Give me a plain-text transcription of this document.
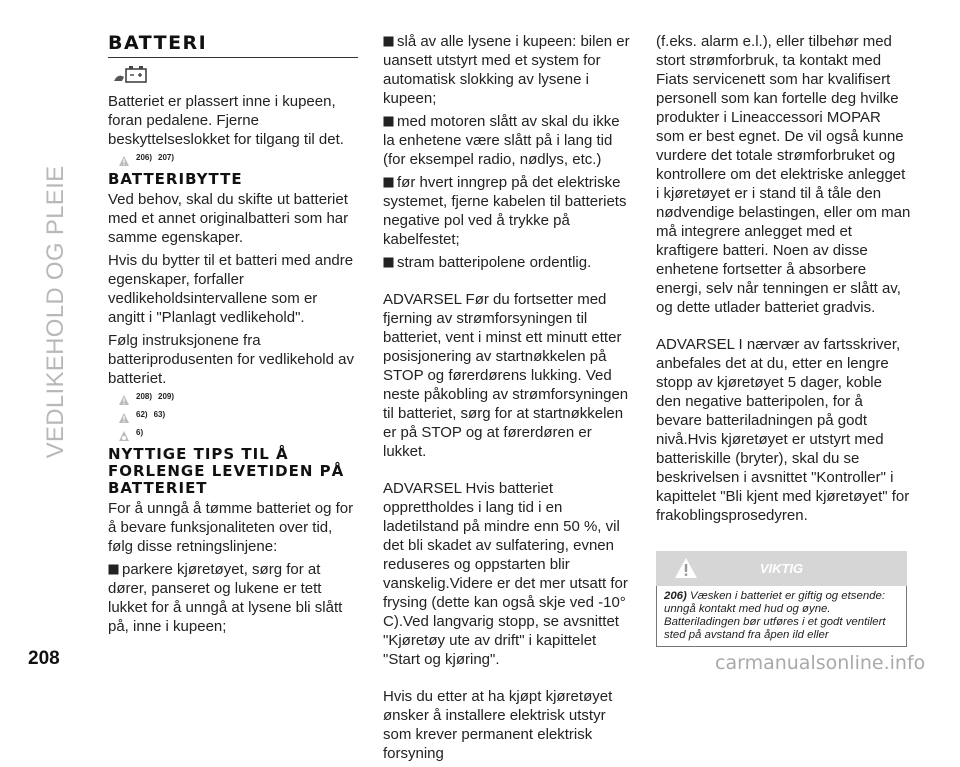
VEDLIKEHOLD OG PLEIE
BATTERI

Batteriet er plassert inne i kupeen, foran pedalene. Fjerne beskyttelseslokket for tilgang til det.

206) 207)
BATTERIBYTTE

Ved behov, skal du skifte ut batteriet med et annet originalbatteri som har samme egenskaper.

Hvis du bytter til et batteri med andre egenskaper, forfaller vedlikeholdsintervallene som er angitt i "Planlagt vedlikehold".

Følg instruksjonene fra batteriprodusenten for vedlikehold av batteriet.

208) 209)
62) 63)
6)
NYTTIGE TIPS TIL Å FORLENGE LEVETIDEN PÅ BATTERIET

For å unngå å tømme batteriet og for å bevare funksjonaliteten over tid, følg disse retningslinjene:

parkere kjøretøyet, sørg for at dører, panseret og lukene er tett lukket for å unngå at lysene bli slått på, inne i kupeen;

slå av alle lysene i kupeen: bilen er uansett utstyrt med et system for automatisk slokking av lysene i kupeen;

med motoren slått av skal du ikke la enhetene være slått på i lang tid (for eksempel radio, nødlys, etc.)

før hvert inngrep på det elektriske systemet, fjerne kabelen til batteriets negative pol ved å trykke på kabelfestet;

stram batteripolene ordentlig.

ADVARSEL Før du fortsetter med fjerning av strømforsyningen til batteriet, vent i minst ett minutt etter posisjonering av startnøkkelen på STOP og førerdørens lukking. Ved neste påkobling av strømforsyningen til batteriet, sørg for at startnøkkelen er på STOP og at førerdøren er lukket.

ADVARSEL Hvis batteriet opprettholdes i lang tid i en ladetilstand på mindre enn 50 %, vil det bli skadet av sulfatering, evnen reduseres og oppstarten blir vanskelig.Videre er det mer utsatt for frysing (dette kan også skje ved -10° C).Ved langvarig stopp, se avsnittet "Kjøretøy ute av drift" i kapittelet "Start og kjøring".

Hvis du etter at ha kjøpt kjøretøyet ønsker å installere elektrisk utstyr som krever permanent elektrisk forsyning

(f.eks. alarm e.l.), eller tilbehør med stort strømforbruk, ta kontakt med Fiats servicenett som har kvalifisert personell som kan fortelle deg hvilke produkter i Lineaccessori MOPAR som er best egnet. De vil også kunne vurdere det totale strømforbruket og kontrollere om det elektriske anlegget i kjøretøyet er i stand til å tåle den nødvendige belastingen, eller om man må integrere anlegget med et kraftigere batteri. Noen av disse enhetene fortsetter å absorbere energi, selv når tenningen er slått av, og dette utlader batteriet gradvis.

ADVARSEL I nærvær av fartsskriver, anbefales det at du, etter en lengre stopp av kjøretøyet 5 dager, koble den negative batteripolen, for å bevare batteriladningen på godt nivå.Hvis kjøretøyet er utstyrt med batteriskille (bryter), skal du se beskrivelsen i avsnittet "Kontroller" i kapittelet "Bli kjent med kjøretøyet" for frakoblingsprosedyren.

VIKTIG
206) Væsken i batteriet er giftig og etsende: unngå kontakt med hud og øyne. Batteriladingen bør utføres i et godt ventilert sted på avstand fra åpen ild eller
208	carmanualsonline.info
